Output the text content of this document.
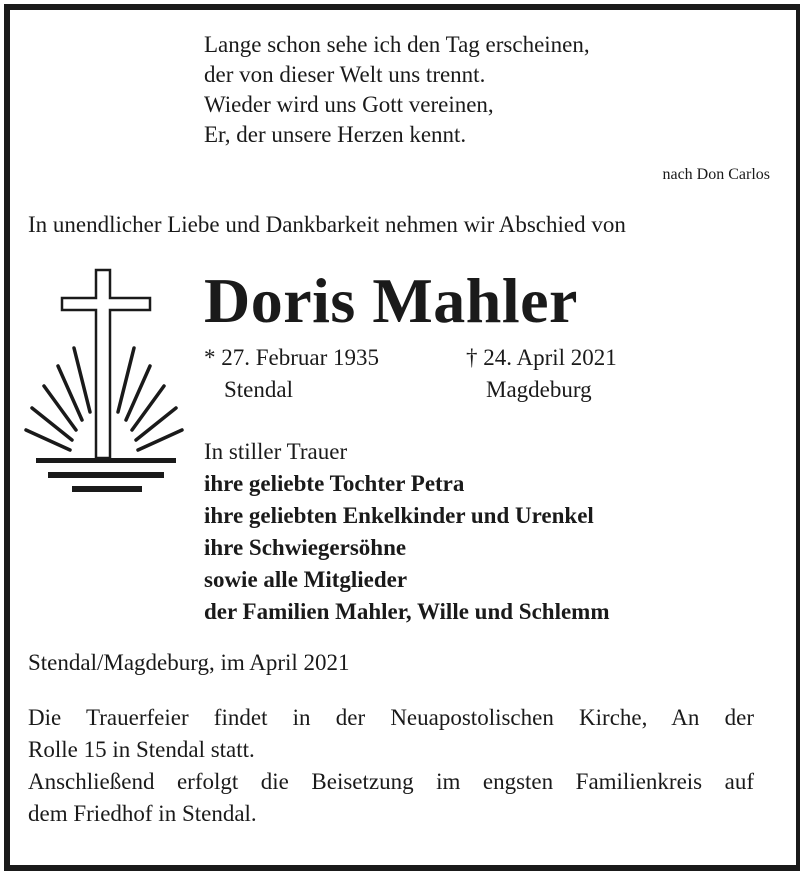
Lange schon sehe ich den Tag erscheinen,
der von dieser Welt uns trennt.
Wieder wird uns Gott vereinen,
Er, der unsere Herzen kennt.
nach Don Carlos
In unendlicher Liebe und Dankbarkeit nehmen wir Abschied von
Doris Mahler
* 27. Februar 1935
Stendal
† 24. April 2021
Magdeburg
In stiller Trauer
ihre geliebte Tochter Petra
ihre geliebten Enkelkinder und Urenkel
ihre Schwiegersöhne
sowie alle Mitglieder
der Familien Mahler, Wille und Schlemm
Stendal/Magdeburg, im April 2021
Die Trauerfeier findet in der Neuapostolischen Kirche, An der
Rolle 15 in Stendal statt.
Anschließend erfolgt die Beisetzung im engsten Familienkreis auf
dem Friedhof in Stendal.
